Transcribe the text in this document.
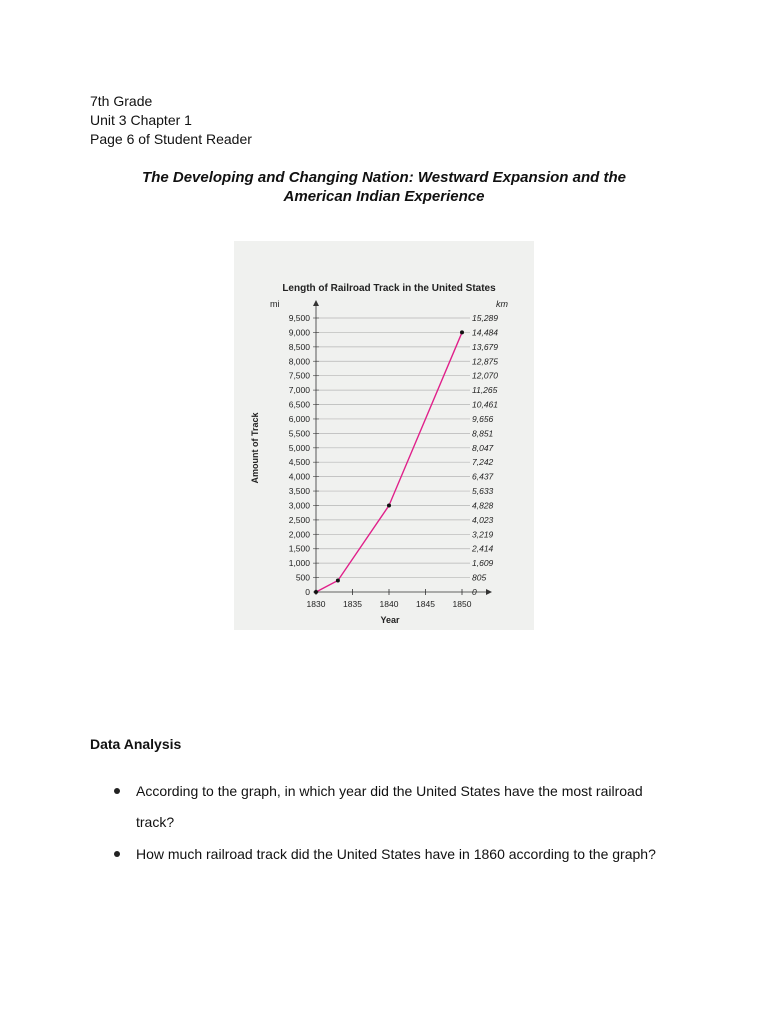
7th Grade
Unit 3 Chapter 1
Page 6 of Student Reader
The Developing and Changing Nation: Westward Expansion and the
American Indian Experience
Length of Railroad Track in the United States
mi	km
Amount of Track
Year
0	0
500	805
1,000	1,609
1,500	2,414
2,000	3,219
2,500	4,023
3,000	4,828
3,500	5,633
4,000	6,437
4,500	7,242
5,000	8,047
5,500	8,851
6,000	9,656
6,500	10,461
7,000	11,265
7,500	12,070
8,000	12,875
8,500	13,679
9,000	14,484
9,500	15,289
1830 1835 1840 1845 1850
Data Analysis
According to the graph, in which year did the United States have the most railroad track?
How much railroad track did the United States have in 1860 according to the graph?
